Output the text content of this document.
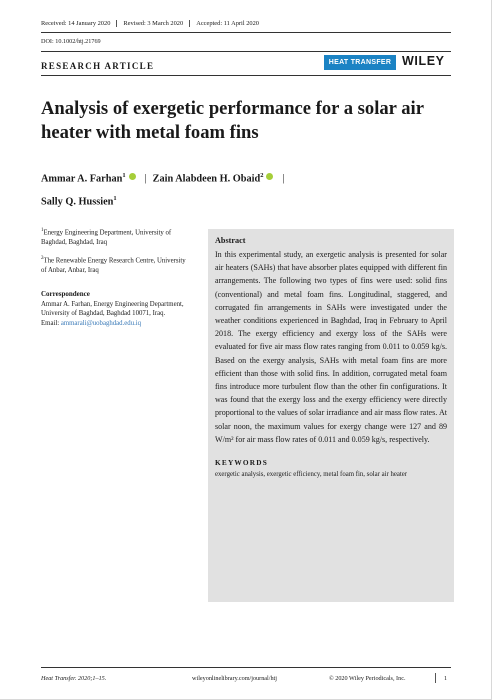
Received: 14 January 2020	Revised: 3 March 2020	Accepted: 11 April 2020
DOI: 10.1002/htj.21769
RESEARCH ARTICLE	HEAT TRANSFER WILEY
Analysis of exergetic performance for a solar air heater with metal foam fins
Ammar A. Farhan$^1$ | Zain Alabdeen H. Obaid$^2$ |
Sally Q. Hussien$^1$

$^1$Energy Engineering Department, University of Baghdad, Baghdad, Iraq

$^2$The Renewable Energy Research Centre, University of Anbar, Anbar, Iraq

Correspondence
Ammar A. Farhan, Energy Engineering Department, University of Baghdad, Baghdad 10071, Iraq.
Email: ammarali@uobaghdad.edu.iq
Abstract

In this experimental study, an exergetic analysis is presented for solar air heaters (SAHs) that have absorber plates equipped with different fin arrangements. The following two types of fins were used: solid fins (conventional) and metal foam fins. Longitudinal, staggered, and corrugated fin arrangements in SAHs were investigated under the weather conditions experienced in Baghdad, Iraq in February to April 2018. The exergy efficiency and exergy loss of the SAHs were evaluated for five air mass flow rates ranging from 0.011 to 0.059 kg/s. Based on the exergy analysis, SAHs with metal foam fins are more efficient than those with solid fins. In addition, corrugated metal foam fins introduce more turbulent flow than the other fin configurations. It was found that the exergy loss and the exergy efficiency were directly proportional to the values of solar irradiance and air mass flow rates. At solar noon, the maximum values for exergy change were 127 and 89 W/m² for air mass flow rates of 0.011 and 0.059 kg/s, respectively.

KEYWORDS

exergetic analysis, exergetic efficiency, metal foam fin, solar air heater

Heat Transfer. 2020;1–15.	wileyonlinelibrary.com/journal/htj	© 2020 Wiley Periodicals, Inc.	1
